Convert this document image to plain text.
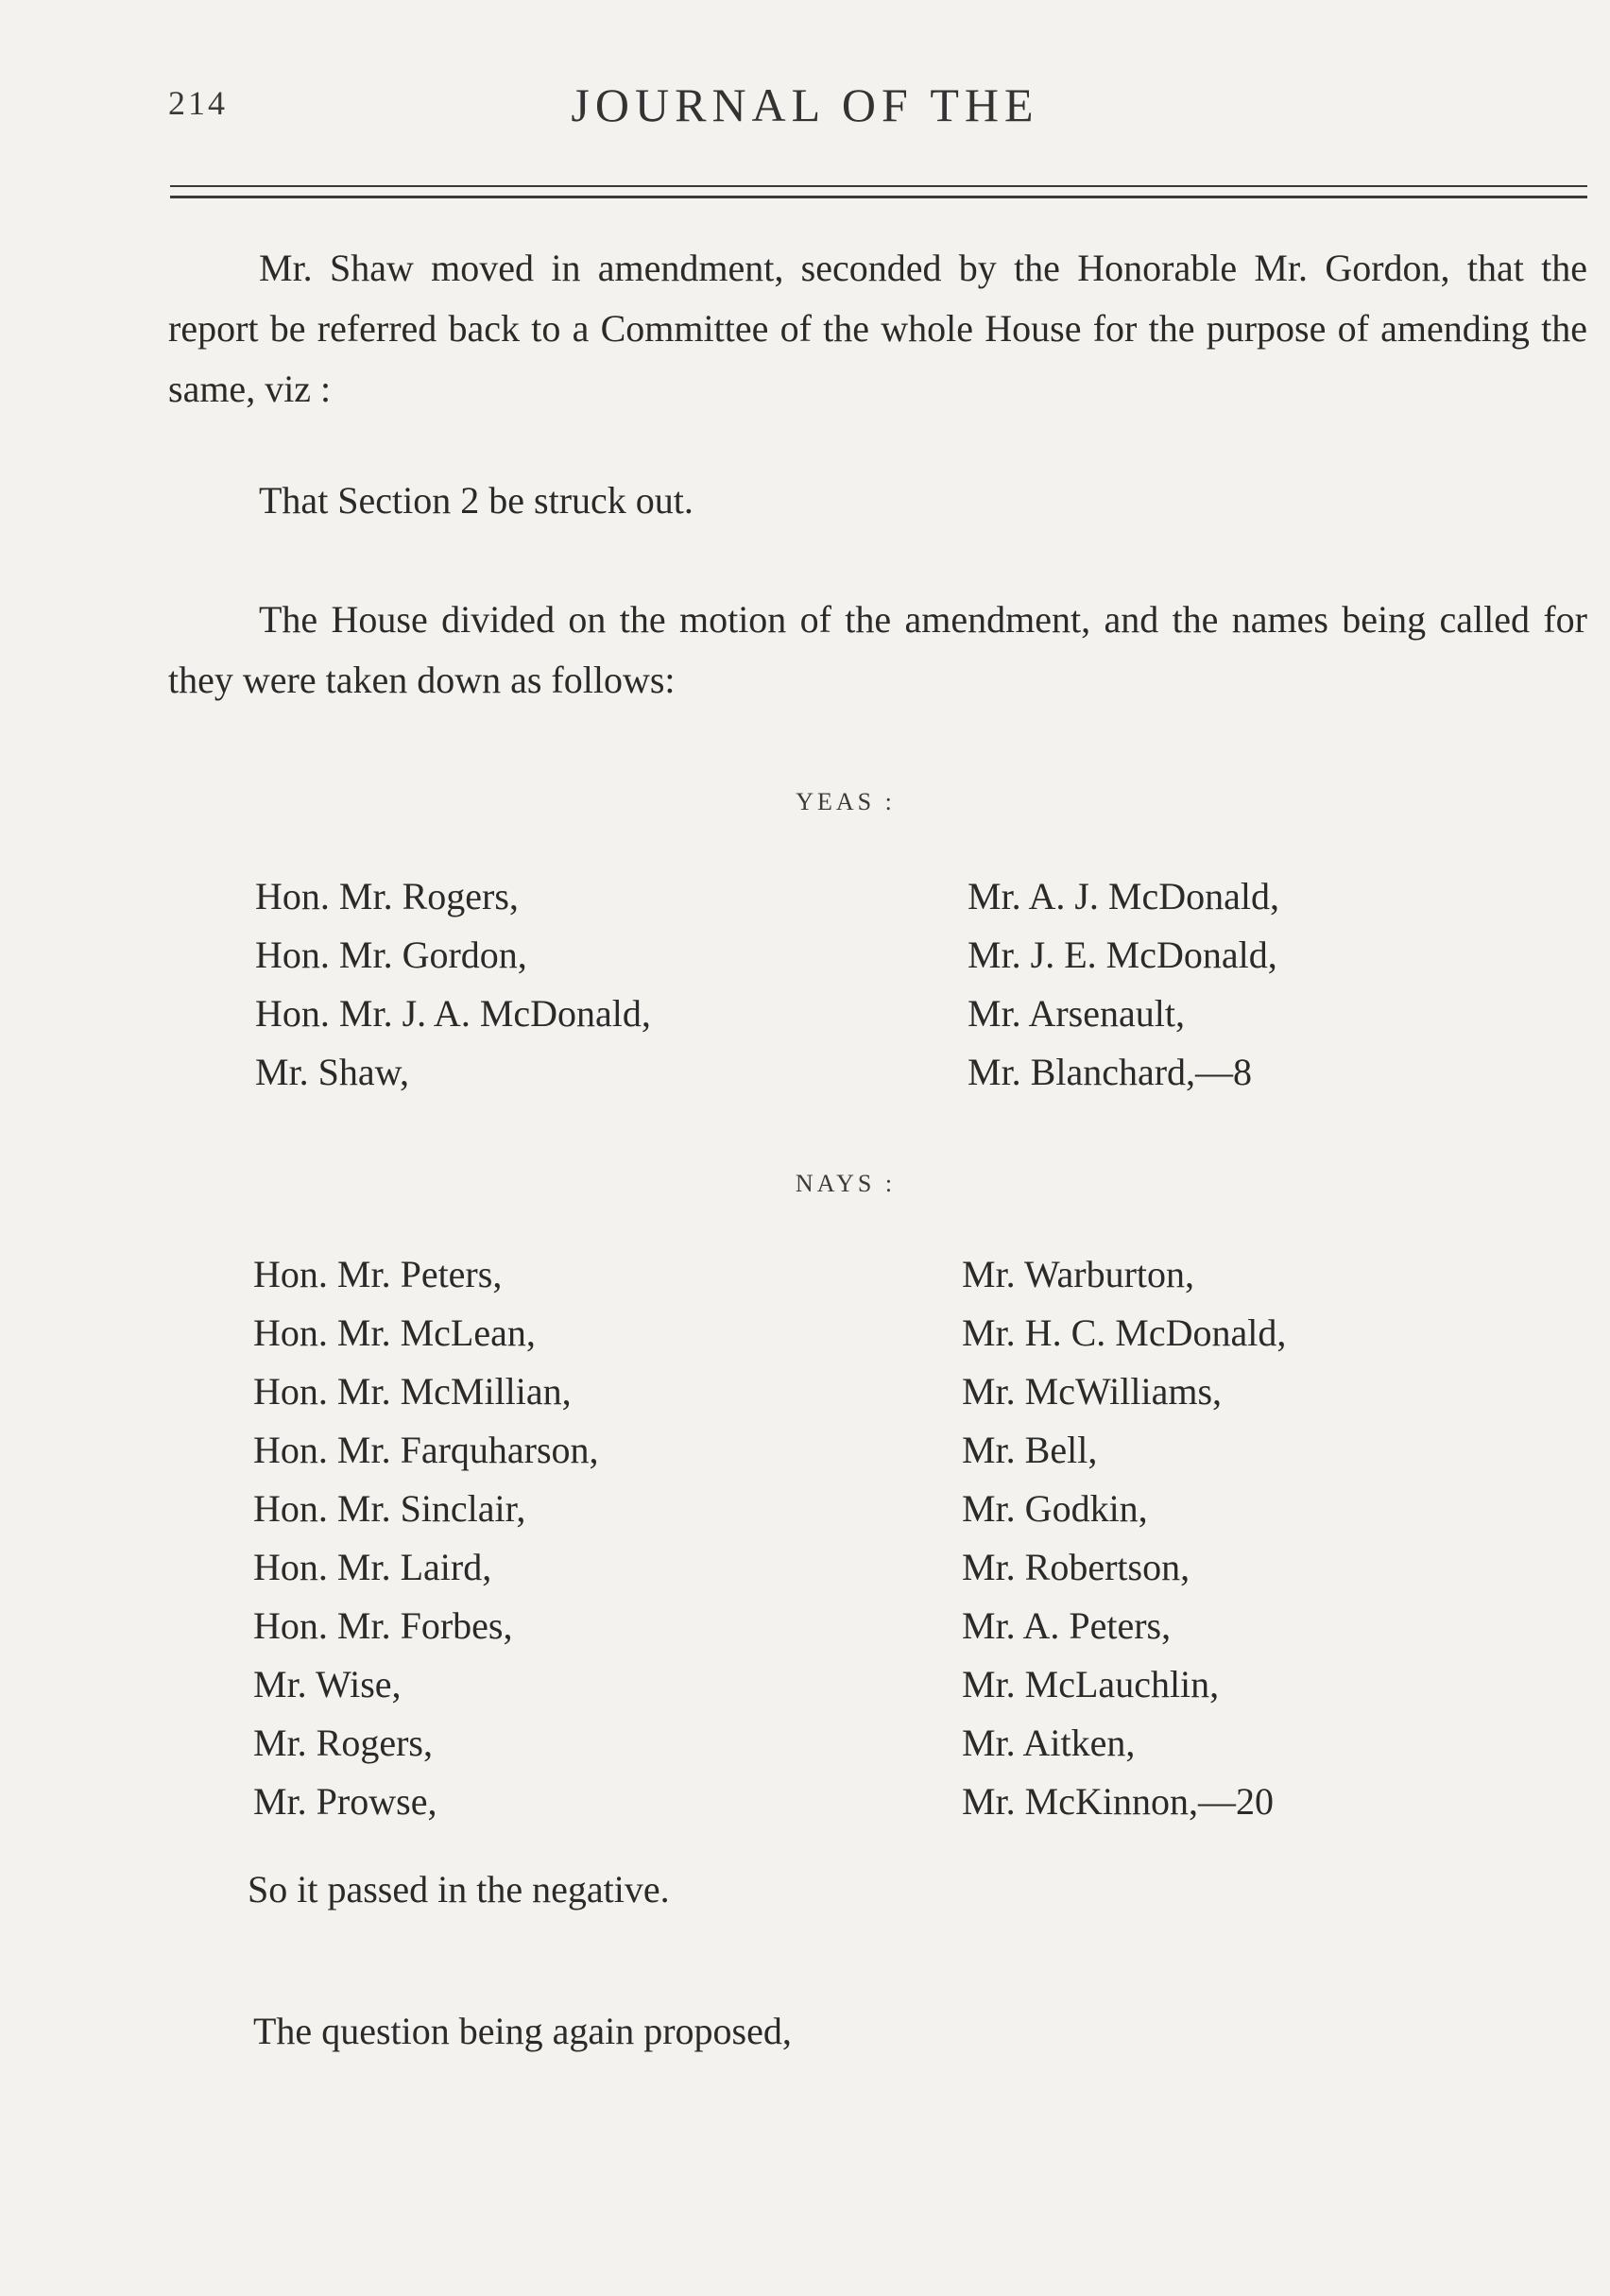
214	JOURNAL OF THE

Mr. Shaw moved in amendment, seconded by the Honorable Mr. Gordon, that the report be referred back to a Committee of the whole House for the purpose of amending the same, viz :

That Section 2 be struck out.

The House divided on the motion of the amendment, and the names being called for they were taken down as follows:

YEAS :
Hon. Mr. Rogers,
Hon. Mr. Gordon,
Hon. Mr. J. A. McDonald,
Mr. Shaw,
Mr. A. J. McDonald,
Mr. J. E. McDonald,
Mr. Arsenault,
Mr. Blanchard,—8
NAYS :
Hon. Mr. Peters,
Hon. Mr. McLean,
Hon. Mr. McMillian,
Hon. Mr. Farquharson,
Hon. Mr. Sinclair,
Hon. Mr. Laird,
Hon. Mr. Forbes,
Mr. Wise,
Mr. Rogers,
Mr. Prowse,
Mr. Warburton,
Mr. H. C. McDonald,
Mr. McWilliams,
Mr. Bell,
Mr. Godkin,
Mr. Robertson,
Mr. A. Peters,
Mr. McLauchlin,
Mr. Aitken,
Mr. McKinnon,—20

So it passed in the negative.

The question being again proposed,
